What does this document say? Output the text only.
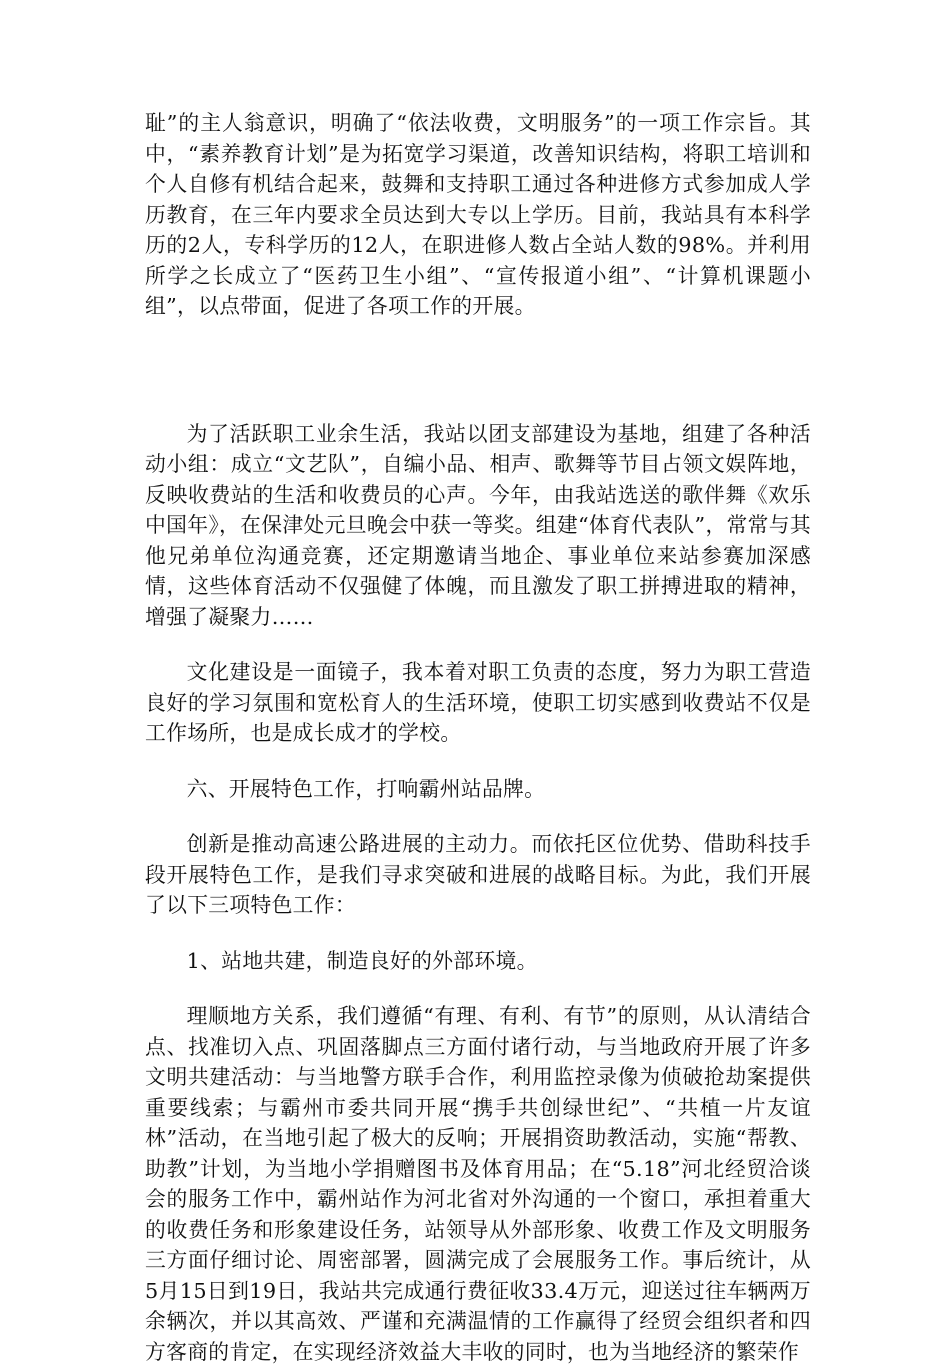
耻”的主人翁意识，明确了“依法收费，文明服务”的一项工作宗旨。其中，“素养教育计划”是为拓宽学习渠道，改善知识结构，将职工培训和个人自修有机结合起来，鼓舞和支持职工通过各种进修方式参加成人学历教育，在三年内要求全员达到大专以上学历。目前，我站具有本科学历的2人，专科学历的12人，在职进修人数占全站人数的98%。并利用所学之长成立了“医药卫生小组”、“宣传报道小组”、“计算机课题小组”，以点带面，促进了各项工作的开展。

为了活跃职工业余生活，我站以团支部建设为基地，组建了各种活动小组：成立“文艺队”，自编小品、相声、歌舞等节目占领文娱阵地，反映收费站的生活和收费员的心声。今年，由我站选送的歌伴舞《欢乐中国年》，在保津处元旦晚会中获一等奖。组建“体育代表队”，常常与其他兄弟单位沟通竞赛，还定期邀请当地企、事业单位来站参赛加深感情，这些体育活动不仅强健了体魄，而且激发了职工拼搏进取的精神，增强了凝聚力……

文化建设是一面镜子，我本着对职工负责的态度，努力为职工营造良好的学习氛围和宽松育人的生活环境，使职工切实感到收费站不仅是工作场所，也是成长成才的学校。

六、开展特色工作，打响霸州站品牌。

创新是推动高速公路进展的主动力。而依托区位优势、借助科技手段开展特色工作，是我们寻求突破和进展的战略目标。为此，我们开展了以下三项特色工作：

1、站地共建，制造良好的外部环境。

理顺地方关系，我们遵循“有理、有利、有节”的原则，从认清结合点、找准切入点、巩固落脚点三方面付诸行动，与当地政府开展了许多文明共建活动：与当地警方联手合作，利用监控录像为侦破抢劫案提供重要线索；与霸州市委共同开展“携手共创绿世纪”、“共植一片友谊林”活动，在当地引起了极大的反响；开展捐资助教活动，实施“帮教、助教”计划，为当地小学捐赠图书及体育用品；在“5.18”河北经贸洽谈会的服务工作中，霸州站作为河北省对外沟通的一个窗口，承担着重大的收费任务和形象建设任务，站领导从外部形象、收费工作及文明服务三方面仔细讨论、周密部署，圆满完成了会展服务工作。事后统计，从5月15日到19日，我站共完成通行费征收33.4万元，迎送过往车辆两万余辆次，并以其高效、严谨和充满温情的工作赢得了经贸会组织者和四方客商的肯定，在实现经济效益大丰收的同时，也为当地经济的繁荣作
